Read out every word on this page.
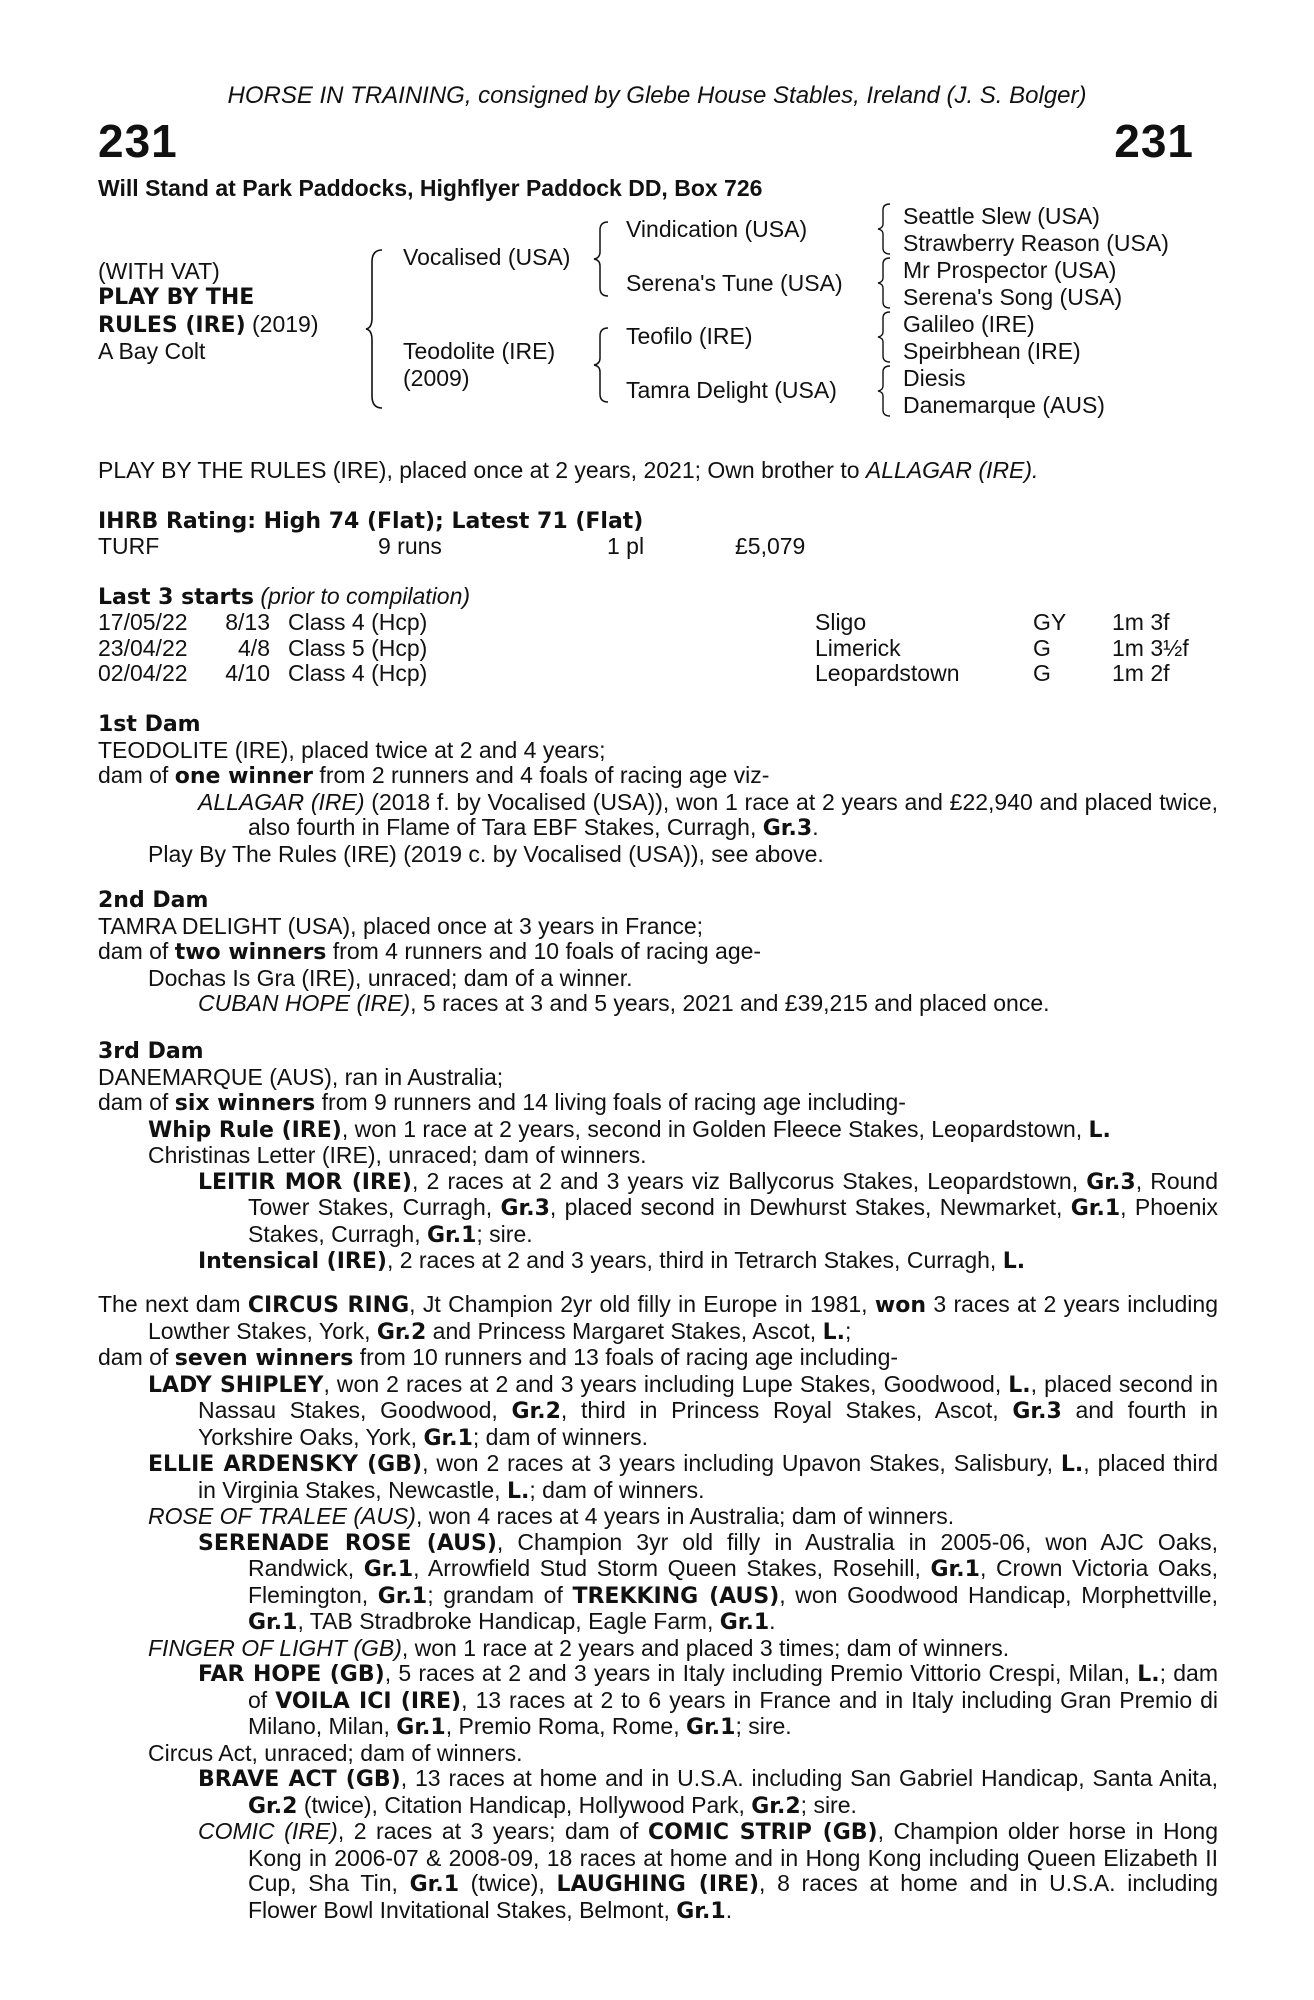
HORSE IN TRAINING, consigned by Glebe House Stables, Ireland (J. S. Bolger)
231	231
Will Stand at Park Paddocks, Highflyer Paddock DD, Box 726
(WITH VAT)
PLAY BY THE
RULES (IRE) (2019)
A Bay Colt
Vocalised (USA)
Teodolite (IRE)
(2009)
Vindication (USA)
Serena's Tune (USA)
Teofilo (IRE)
Tamra Delight (USA)
Seattle Slew (USA)
Strawberry Reason (USA)
Mr Prospector (USA)
Serena's Song (USA)
Galileo (IRE)
Speirbhean (IRE)
Diesis
Danemarque (AUS)
PLAY BY THE RULES (IRE), placed once at 2 years, 2021; Own brother to ALLAGAR (IRE).
IHRB Rating: High 74 (Flat); Latest 71 (Flat)
TURF	9 runs	1 pl	£5,079
Last 3 starts (prior to compilation)
17/05/22	8/13 Class 4 (Hcp)	Sligo	GY 1m 3f
23/04/22	4/8 Class 5 (Hcp)	Limerick	G	1m 3½f
02/04/22	4/10 Class 4 (Hcp)	Leopardstown	G	1m 2f

1st Dam

TEODOLITE (IRE), placed twice at 2 and 4 years;

dam of one winner from 2 runners and 4 foals of racing age viz-

ALLAGAR (IRE) (2018 f. by Vocalised (USA)), won 1 race at 2 years and £22,940 and placed twice, also fourth in Flame of Tara EBF Stakes, Curragh, Gr.3.

Play By The Rules (IRE) (2019 c. by Vocalised (USA)), see above.

2nd Dam

TAMRA DELIGHT (USA), placed once at 3 years in France;

dam of two winners from 4 runners and 10 foals of racing age-

Dochas Is Gra (IRE), unraced; dam of a winner.

CUBAN HOPE (IRE), 5 races at 3 and 5 years, 2021 and £39,215 and placed once.

3rd Dam

DANEMARQUE (AUS), ran in Australia;

dam of six winners from 9 runners and 14 living foals of racing age including-

Whip Rule (IRE), won 1 race at 2 years, second in Golden Fleece Stakes, Leopardstown, L.

Christinas Letter (IRE), unraced; dam of winners.

LEITIR MOR (IRE), 2 races at 2 and 3 years viz Ballycorus Stakes, Leopardstown, Gr.3, Round Tower Stakes, Curragh, Gr.3, placed second in Dewhurst Stakes, Newmarket, Gr.1, Phoenix Stakes, Curragh, Gr.1; sire.

Intensical (IRE), 2 races at 2 and 3 years, third in Tetrarch Stakes, Curragh, L.

The next dam CIRCUS RING, Jt Champion 2yr old filly in Europe in 1981, won 3 races at 2 years including Lowther Stakes, York, Gr.2 and Princess Margaret Stakes, Ascot, L.;

dam of seven winners from 10 runners and 13 foals of racing age including-

LADY SHIPLEY, won 2 races at 2 and 3 years including Lupe Stakes, Goodwood, L., placed second in Nassau Stakes, Goodwood, Gr.2, third in Princess Royal Stakes, Ascot, Gr.3 and fourth in Yorkshire Oaks, York, Gr.1; dam of winners.

ELLIE ARDENSKY (GB), won 2 races at 3 years including Upavon Stakes, Salisbury, L., placed third in Virginia Stakes, Newcastle, L.; dam of winners.

ROSE OF TRALEE (AUS), won 4 races at 4 years in Australia; dam of winners.

SERENADE ROSE (AUS), Champion 3yr old filly in Australia in 2005-06, won AJC Oaks, Randwick, Gr.1, Arrowfield Stud Storm Queen Stakes, Rosehill, Gr.1, Crown Victoria Oaks, Flemington, Gr.1; grandam of TREKKING (AUS), won Goodwood Handicap, Morphettville, Gr.1, TAB Stradbroke Handicap, Eagle Farm, Gr.1.

FINGER OF LIGHT (GB), won 1 race at 2 years and placed 3 times; dam of winners.

FAR HOPE (GB), 5 races at 2 and 3 years in Italy including Premio Vittorio Crespi, Milan, L.; dam of VOILA ICI (IRE), 13 races at 2 to 6 years in France and in Italy including Gran Premio di Milano, Milan, Gr.1, Premio Roma, Rome, Gr.1; sire.

Circus Act, unraced; dam of winners.

BRAVE ACT (GB), 13 races at home and in U.S.A. including San Gabriel Handicap, Santa Anita, Gr.2 (twice), Citation Handicap, Hollywood Park, Gr.2; sire.

COMIC (IRE), 2 races at 3 years; dam of COMIC STRIP (GB), Champion older horse in Hong Kong in 2006-07 & 2008-09, 18 races at home and in Hong Kong including Queen Elizabeth II Cup, Sha Tin, Gr.1 (twice), LAUGHING (IRE), 8 races at home and in U.S.A. including Flower Bowl Invitational Stakes, Belmont, Gr.1.
